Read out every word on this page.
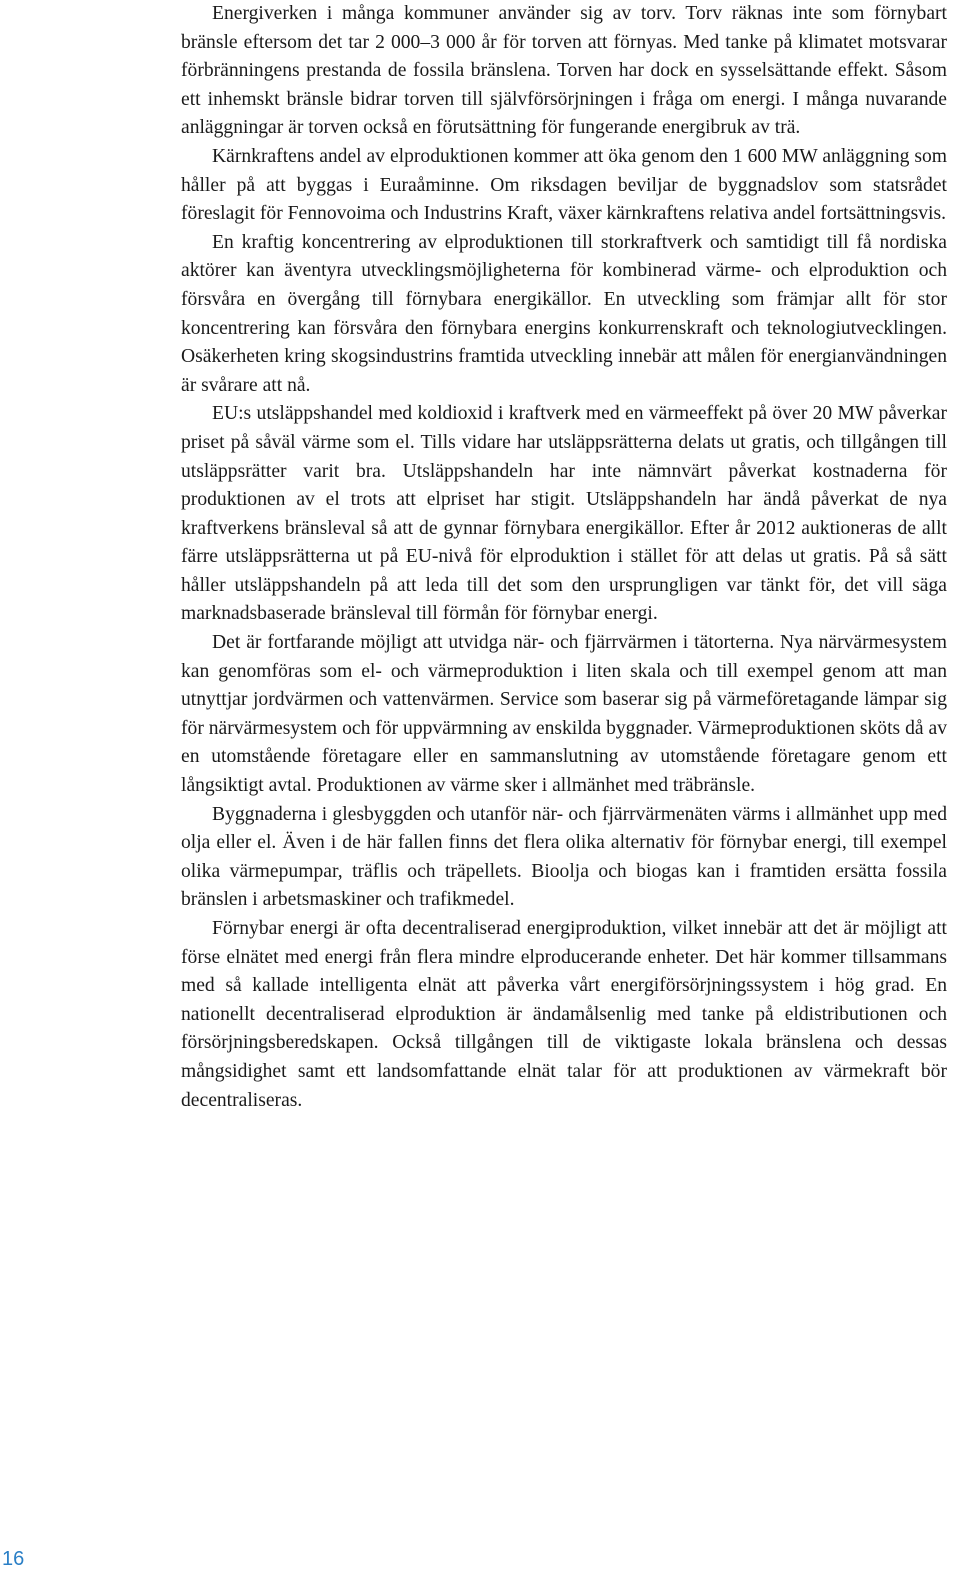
Energiverken i många kommuner använder sig av torv. Torv räknas inte som förnybart bränsle eftersom det tar 2 000–3 000 år för torven att förnyas. Med tanke på klimatet motsvarar förbränningens prestanda de fossila bränslena. Torven har dock en sysselsättande effekt. Såsom ett inhemskt bränsle bidrar torven till självförsörjningen i fråga om energi. I många nuvarande anläggningar är torven också en förutsättning för fungerande energibruk av trä.

Kärnkraftens andel av elproduktionen kommer att öka genom den 1 600 MW anläggning som håller på att byggas i Euraåminne. Om riksdagen beviljar de byggnadslov som statsrådet föreslagit för Fennovoima och Industrins Kraft, växer kärnkraftens relativa andel fortsättningsvis.

En kraftig koncentrering av elproduktionen till storkraftverk och samtidigt till få nordiska aktörer kan äventyra utvecklingsmöjligheterna för kombinerad värme- och elproduktion och försvåra en övergång till förnybara energikällor. En utveckling som främjar allt för stor koncentrering kan försvåra den förnybara energins konkurrenskraft och teknologiutvecklingen. Osäkerheten kring skogsindustrins framtida utveckling innebär att målen för energianvändningen är svårare att nå.

EU:s utsläppshandel med koldioxid i kraftverk med en värmeeffekt på över 20 MW påverkar priset på såväl värme som el. Tills vidare har utsläppsrätterna delats ut gratis, och tillgången till utsläppsrätter varit bra. Utsläppshandeln har inte nämnvärt påverkat kostnaderna för produktionen av el trots att elpriset har stigit. Utsläppshandeln har ändå påverkat de nya kraftverkens bränsleval så att de gynnar förnybara energikällor. Efter år 2012 auktioneras de allt färre utsläppsrätterna ut på EU-nivå för elproduktion i stället för att delas ut gratis. På så sätt håller utsläppshandeln på att leda till det som den ursprungligen var tänkt för, det vill säga marknadsbaserade bränsleval till förmån för förnybar energi.

Det är fortfarande möjligt att utvidga när- och fjärrvärmen i tätorterna. Nya närvärmesystem kan genomföras som el- och värmeproduktion i liten skala och till exempel genom att man utnyttjar jordvärmen och vattenvärmen. Service som baserar sig på värmeföretagande lämpar sig för närvärmesystem och för uppvärmning av enskilda byggnader. Värmeproduktionen sköts då av en utomstående företagare eller en sammanslutning av utomstående företagare genom ett långsiktigt avtal. Produktionen av värme sker i allmänhet med träbränsle.

Byggnaderna i glesbyggden och utanför när- och fjärrvärmenäten värms i allmänhet upp med olja eller el. Även i de här fallen finns det flera olika alternativ för förnybar energi, till exempel olika värmepumpar, träflis och träpellets. Bioolja och biogas kan i framtiden ersätta fossila bränslen i arbetsmaskiner och trafikmedel.

Förnybar energi är ofta decentraliserad energiproduktion, vilket innebär att det är möjligt att förse elnätet med energi från flera mindre elproducerande enheter. Det här kommer tillsammans med så kallade intelligenta elnät att påverka vårt energiförsörjningssystem i hög grad. En nationellt decentraliserad elproduktion är ändamålsenlig med tanke på eldistributionen och försörjningsberedskapen. Också tillgången till de viktigaste lokala bränslena och dessas mångsidighet samt ett landsomfattande elnät talar för att produktionen av värmekraft bör decentraliseras.

16
